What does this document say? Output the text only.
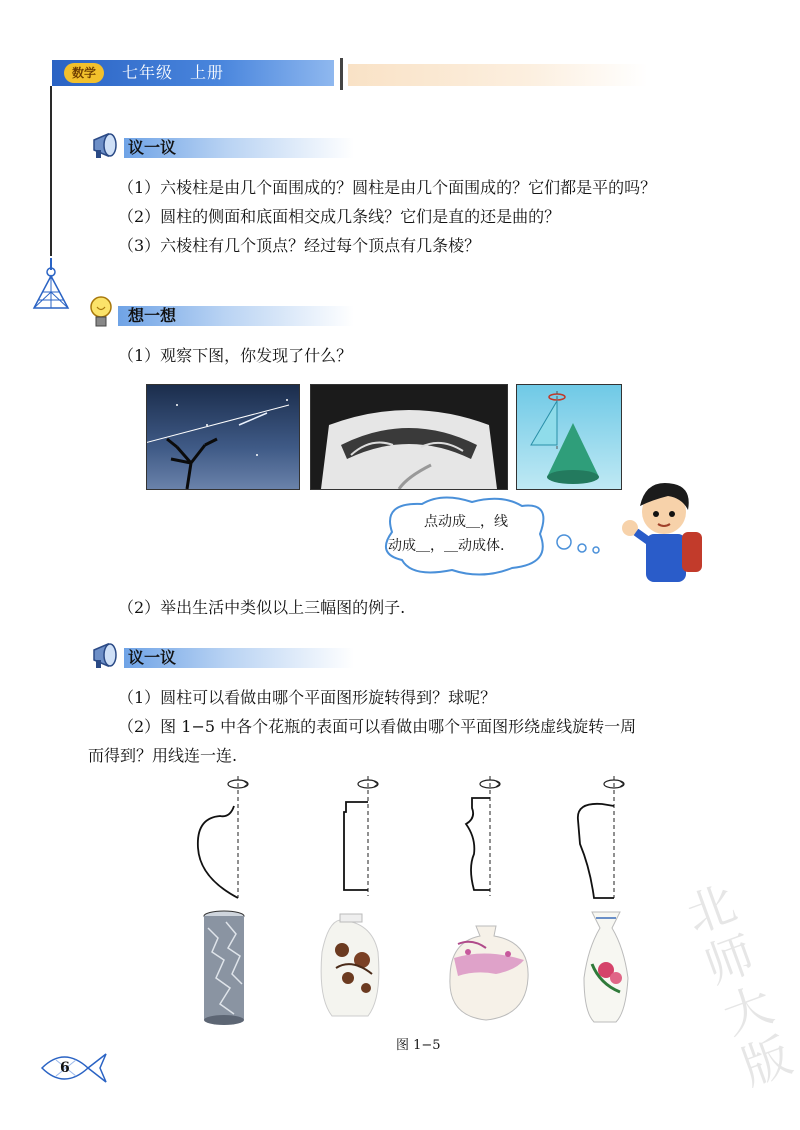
数学	七年级　上册
议一议
（1）六棱柱是由几个面围成的？圆柱是由几个面围成的？它们都是平的吗？
（2）圆柱的侧面和底面相交成几条线？它们是直的还是曲的？
（3）六棱柱有几个顶点？经过每个顶点有几条棱？
想一想
（1）观察下图，你发现了什么？
点动成＿，线
动成＿，＿动成体.
（2）举出生活中类似以上三幅图的例子.
议一议
（1）圆柱可以看做由哪个平面图形旋转得到？球呢？
（2）图 1−5 中各个花瓶的表面可以看做由哪个平面图形绕虚线旋转一周
而得到？用线连一连.
图 1−5
6	北师大版
